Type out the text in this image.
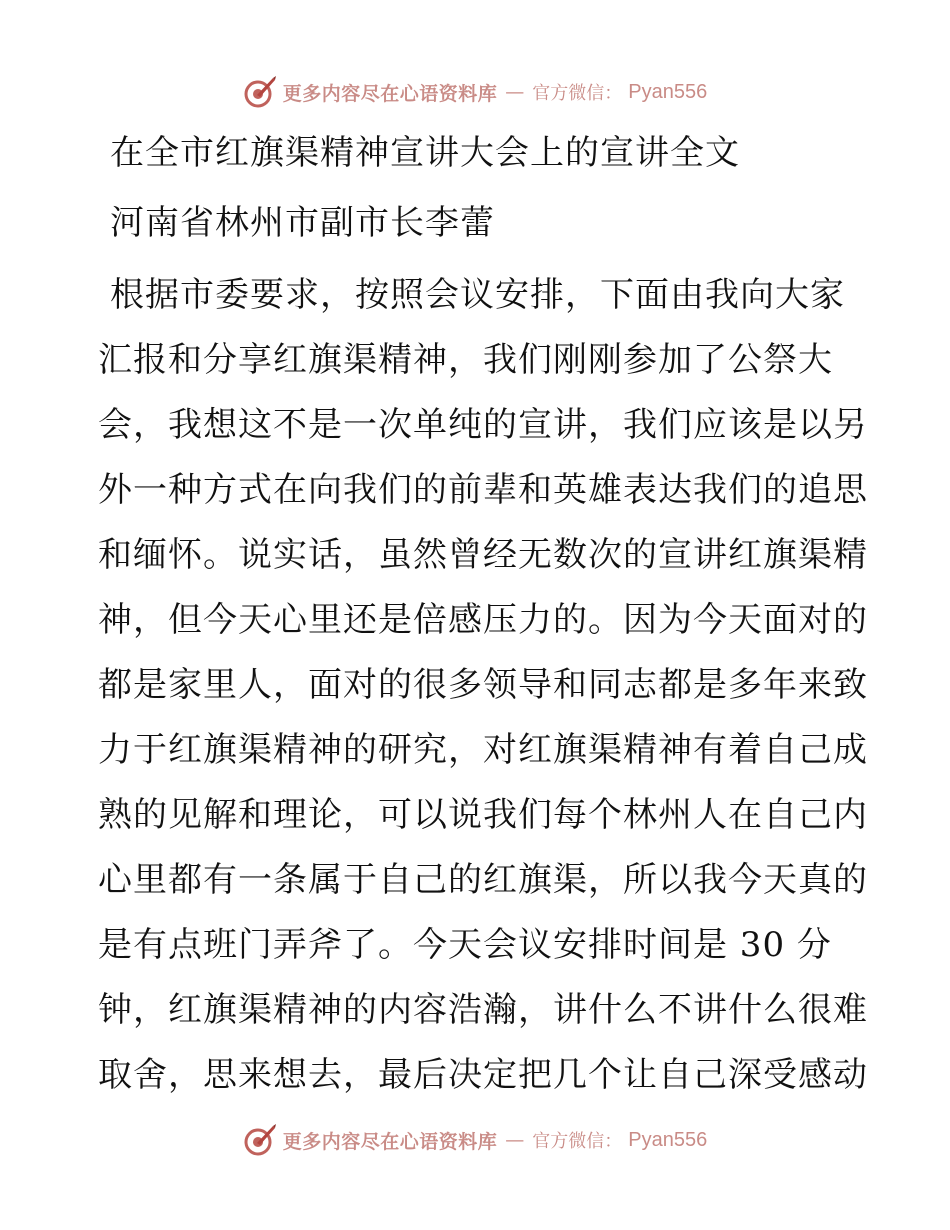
更多内容尽在心语资料库 — 官方微信： Pyan556
在全市红旗渠精神宣讲大会上的宣讲全文
河南省林州市副市长李蕾
根据市委要求，按照会议安排，下面由我向大家
汇报和分享红旗渠精神，我们刚刚参加了公祭大
会，我想这不是一次单纯的宣讲，我们应该是以另
外一种方式在向我们的前辈和英雄表达我们的追思
和缅怀。说实话，虽然曾经无数次的宣讲红旗渠精
神，但今天心里还是倍感压力的。因为今天面对的
都是家里人，面对的很多领导和同志都是多年来致
力于红旗渠精神的研究，对红旗渠精神有着自己成
熟的见解和理论，可以说我们每个林州人在自己内
心里都有一条属于自己的红旗渠，所以我今天真的
是有点班门弄斧了。今天会议安排时间是 30 分
钟，红旗渠精神的内容浩瀚，讲什么不讲什么很难
取舍，思来想去，最后决定把几个让自己深受感动
更多内容尽在心语资料库 — 官方微信： Pyan556
